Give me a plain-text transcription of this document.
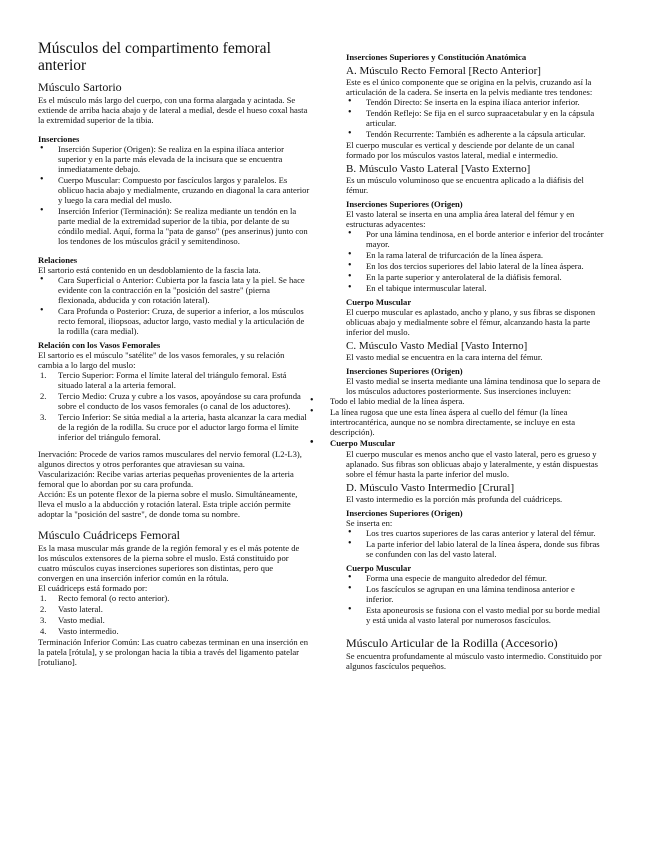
Músculos del compartimento femoral anterior
Músculo Sartorio

Es el músculo más largo del cuerpo, con una forma alargada y acintada. Se extiende de arriba hacia abajo y de lateral a medial, desde el hueso coxal hasta la extremidad superior de la tibia.

Inserciones
• Inserción Superior (Origen): Se realiza en la espina ilíaca anterior superior y en la parte más elevada de la incisura que se encuentra inmediatamente debajo.
• Cuerpo Muscular: Compuesto por fascículos largos y paralelos. Es oblicuo hacia abajo y medialmente, cruzando en diagonal la cara anterior y luego la cara medial del muslo.
• Inserción Inferior (Terminación): Se realiza mediante un tendón en la parte medial de la extremidad superior de la tibia, por delante de su cóndilo medial. Aquí, forma la "pata de ganso" (pes anserinus) junto con los tendones de los músculos grácil y semitendinoso.
Relaciones

El sartorio está contenido en un desdoblamiento de la fascia lata.

• Cara Superficial o Anterior: Cubierta por la fascia lata y la piel. Se hace evidente con la contracción en la "posición del sastre" (pierna flexionada, abducida y con rotación lateral).
• Cara Profunda o Posterior: Cruza, de superior a inferior, a los músculos recto femoral, iliopsoas, aductor largo, vasto medial y la articulación de la rodilla (cara medial).
Relación con los Vasos Femorales

El sartorio es el músculo "satélite" de los vasos femorales, y su relación cambia a lo largo del muslo:

1. Tercio Superior: Forma el límite lateral del triángulo femoral. Está situado lateral a la arteria femoral.
2. Tercio Medio: Cruza y cubre a los vasos, apoyándose su cara profunda sobre el conducto de los vasos femorales (o canal de los aductores).
3. Tercio Inferior: Se sitúa medial a la arteria, hasta alcanzar la cara medial de la región de la rodilla. Su cruce por el aductor largo forma el límite inferior del triángulo femoral.

Inervación: Procede de varios ramos musculares del nervio femoral (L2-L3), algunos directos y otros perforantes que atraviesan su vaina.

Vascularización: Recibe varias arterias pequeñas provenientes de la arteria femoral que lo abordan por su cara profunda.

Acción: Es un potente flexor de la pierna sobre el muslo. Simultáneamente, lleva el muslo a la abducción y rotación lateral. Esta triple acción permite adoptar la "posición del sastre", de donde toma su nombre.

Músculo Cuádriceps Femoral

Es la masa muscular más grande de la región femoral y es el más potente de los músculos extensores de la pierna sobre el muslo. Está constituido por cuatro músculos cuyas inserciones superiores son distintas, pero que convergen en una inserción inferior común en la rótula.

El cuádriceps está formado por:

1. Recto femoral (o recto anterior).
2. Vasto lateral.
3. Vasto medial.
4. Vasto intermedio.

Terminación Inferior Común: Las cuatro cabezas terminan en una inserción en la patela [rótula], y se prolongan hacia la tibia a través del ligamento patelar [rotuliano].

Inserciones Superiores y Constitución Anatómica
A. Músculo Recto Femoral [Recto Anterior]

Este es el único componente que se origina en la pelvis, cruzando así la articulación de la cadera. Se inserta en la pelvis mediante tres tendones:

• Tendón Directo: Se inserta en la espina ilíaca anterior inferior.
• Tendón Reflejo: Se fija en el surco supraacetabular y en la cápsula articular.
• Tendón Recurrente: También es adherente a la cápsula articular.

El cuerpo muscular es vertical y desciende por delante de un canal formado por los músculos vastos lateral, medial e intermedio.

B. Músculo Vasto Lateral [Vasto Externo]

Es un músculo voluminoso que se encuentra aplicado a la diáfisis del fémur.

Inserciones Superiores (Origen)

El vasto lateral se inserta en una amplia área lateral del fémur y en estructuras adyacentes:

• Por una lámina tendinosa, en el borde anterior e inferior del trocánter mayor.
• En la rama lateral de trifurcación de la línea áspera.
• En los dos tercios superiores del labio lateral de la línea áspera.
• En la parte superior y anterolateral de la diáfisis femoral.
• En el tabique intermuscular lateral.
Cuerpo Muscular

El cuerpo muscular es aplastado, ancho y plano, y sus fibras se disponen oblicuas abajo y medialmente sobre el fémur, alcanzando hasta la parte inferior del muslo.

C. Músculo Vasto Medial [Vasto Interno]

El vasto medial se encuentra en la cara interna del fémur.

Inserciones Superiores (Origen)

El vasto medial se inserta mediante una lámina tendinosa que lo separa de los músculos aductores posteriormente. Sus inserciones incluyen:

• Todo el labio medial de la línea áspera.
• La línea rugosa que une esta línea áspera al cuello del fémur (la línea intertrocantérica, aunque no se nombra directamente, se incluye en esta descripción).
• Cuerpo Muscular

El cuerpo muscular es menos ancho que el vasto lateral, pero es grueso y aplanado. Sus fibras son oblicuas abajo y lateralmente, y están dispuestas sobre el fémur hasta la parte inferior del muslo.

D. Músculo Vasto Intermedio [Crural]

El vasto intermedio es la porción más profunda del cuádriceps.

Inserciones Superiores (Origen)

Se inserta en:

• Los tres cuartos superiores de las caras anterior y lateral del fémur.
• La parte inferior del labio lateral de la línea áspera, donde sus fibras se confunden con las del vasto lateral.
Cuerpo Muscular
• Forma una especie de manguito alrededor del fémur.
• Los fascículos se agrupan en una lámina tendinosa anterior e inferior.
• Esta aponeurosis se fusiona con el vasto medial por su borde medial y está unida al vasto lateral por numerosos fascículos.
Músculo Articular de la Rodilla (Accesorio)

Se encuentra profundamente al músculo vasto intermedio. Constituido por algunos fascículos pequeños.
